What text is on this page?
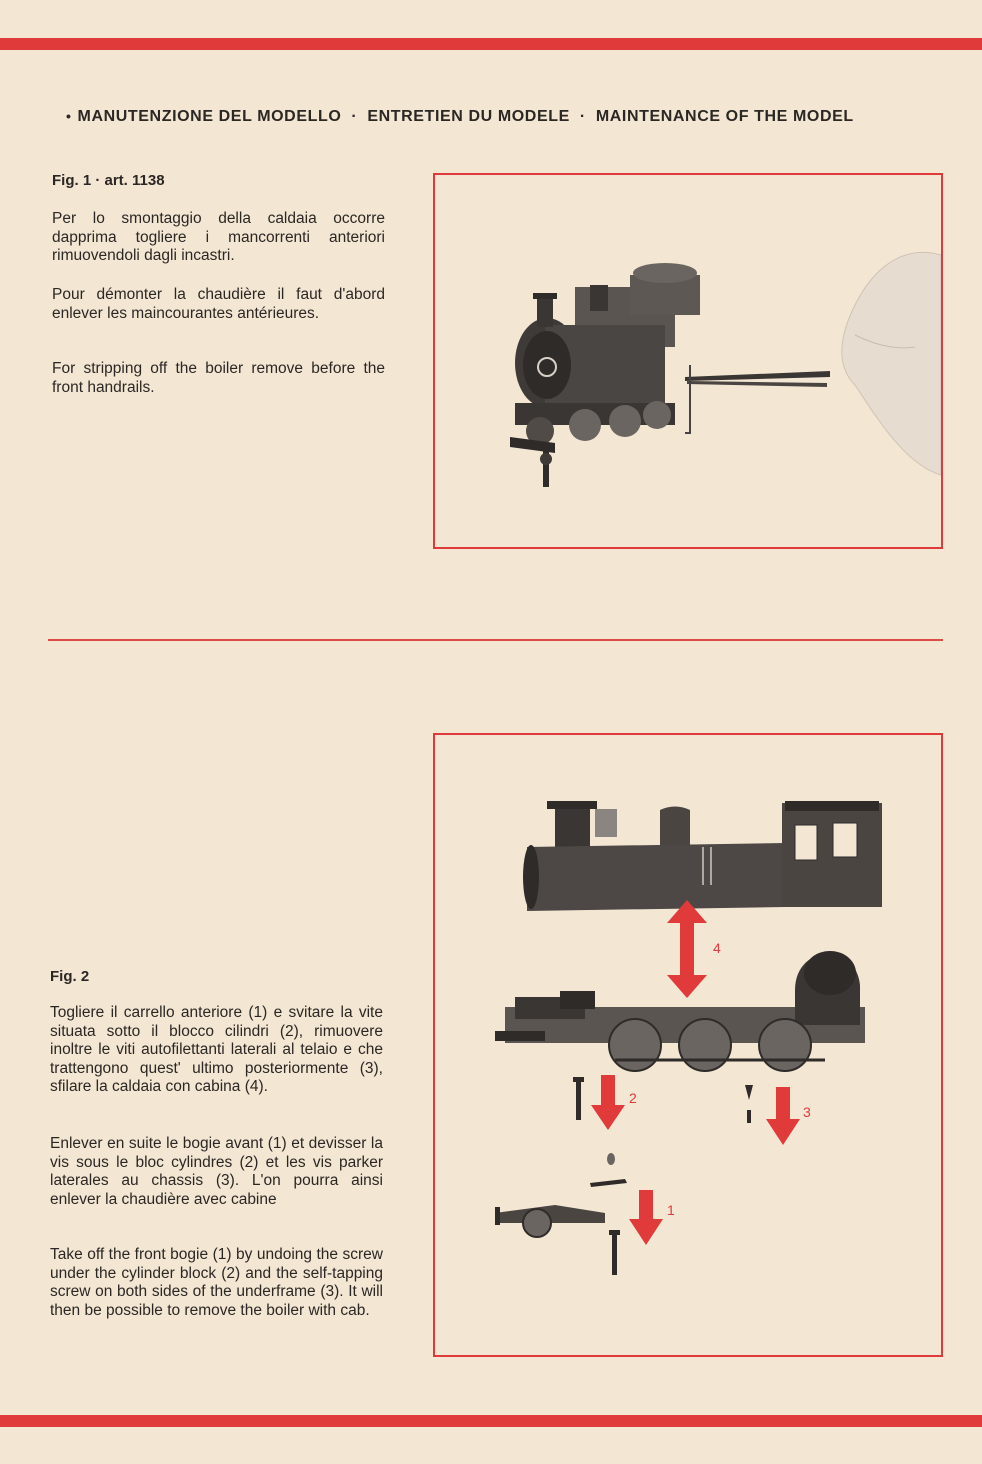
• MANUTENZIONE DEL MODELLO · ENTRETIEN DU MODELE · MAINTENANCE OF THE MODEL
Fig. 1 · art. 1138

Per lo smontaggio della caldaia occorre dapprima togliere i mancorrenti anteriori rimuovendoli dagli incastri.

Pour démonter la chaudière il faut d'abord enlever les maincourantes antérieures.

For stripping off the boiler remove before the front handrails.

Fig. 2

Togliere il carrello anteriore (1) e svitare la vite situata sotto il blocco cilindri (2), rimuovere inoltre le viti autofilettanti laterali al telaio e che trattengono quest' ultimo posteriormente (3), sfilare la caldaia con cabina (4).

Enlever en suite le bogie avant (1) et devisser la vis sous le bloc cylindres (2) et les vis parker laterales au chassis (3). L'on pourra ainsi enlever la chaudière avec cabine

Take off the front bogie (1) by undoing the screw under the cylinder block (2) and the self-tapping screw on both sides of the underframe (3). It will then be possible to remove the boiler with cab.

4
2
3
1
